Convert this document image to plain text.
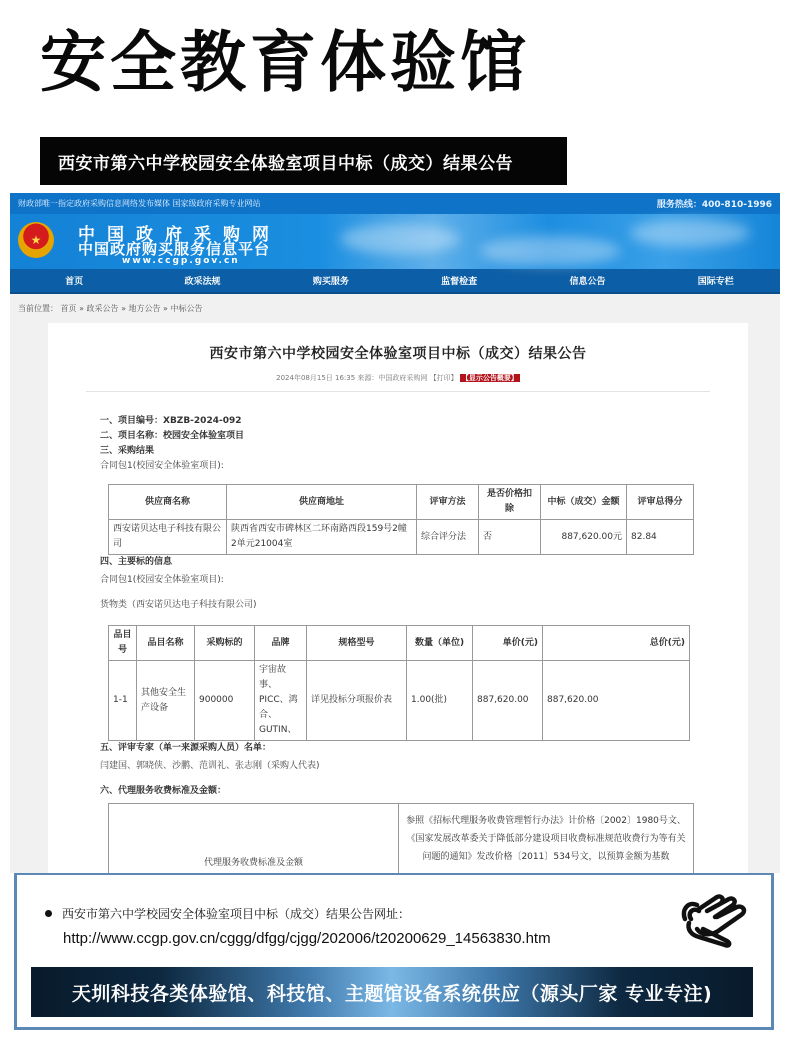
安全教育体验馆
西安市第六中学校园安全体验室项目中标（成交）结果公告
财政部唯一指定政府采购信息网络发布媒体 国家级政府采购专业网站	服务热线：400-810-1996
★	中国政府采购网
中国政府购买服务信息平台
www.ccgp.gov.cn
首页	政采法规	购买服务	监督检查	信息公告	国际专栏
当前位置： 首页 » 政采公告 » 地方公告 » 中标公告
西安市第六中学校园安全体验室项目中标（成交）结果公告
2024年08月15日 16:35 来源：中国政府采购网 【打印】 【显示公告概要】
一、项目编号：XBZB-2024-092
二、项目名称：校园安全体验室项目
三、采购结果
合同包1(校园安全体验室项目):
供应商名称	供应商地址	评审方法	是否价格扣除	中标（成交）金额	评审总得分
西安诺贝达电子科技有限公司	陕西省西安市碑林区二环南路西段159号2幢2单元21004室	综合评分法	否	887,620.00元	82.84
四、主要标的信息
合同包1(校园安全体验室项目):
货物类（西安诺贝达电子科技有限公司)
品目号	品目名称	采购标的	品牌	规格型号	数量（单位)	单价(元)	总价(元)
1-1	其他安全生产设备	900000	宇宙故事、PICC、鸿合、GUTIN、	详见投标分项报价表	1.00(批)	887,620.00	887,620.00
五、评审专家（单一来源采购人员）名单：
闫建国、郭晓侠、沙鹏、范训礼、张志刚（采购人代表)
六、代理服务收费标准及金额：
代理服务收费标准及金额	参照《招标代理服务收费管理暂行办法》计价格〔2002〕1980号文、《国家发展改革委关于降低部分建设项目收费标准规范收费行为等有关问题的通知》发改价格〔2011〕534号文，以预算金额为基数
西安市第六中学校园安全体验室项目中标（成交）结果公告网址：
http://www.ccgp.gov.cn/cggg/dfgg/cjgg/202006/t20200629_14563830.htm
天圳科技各类体验馆、科技馆、主题馆设备系统供应（源头厂家 专业专注)
